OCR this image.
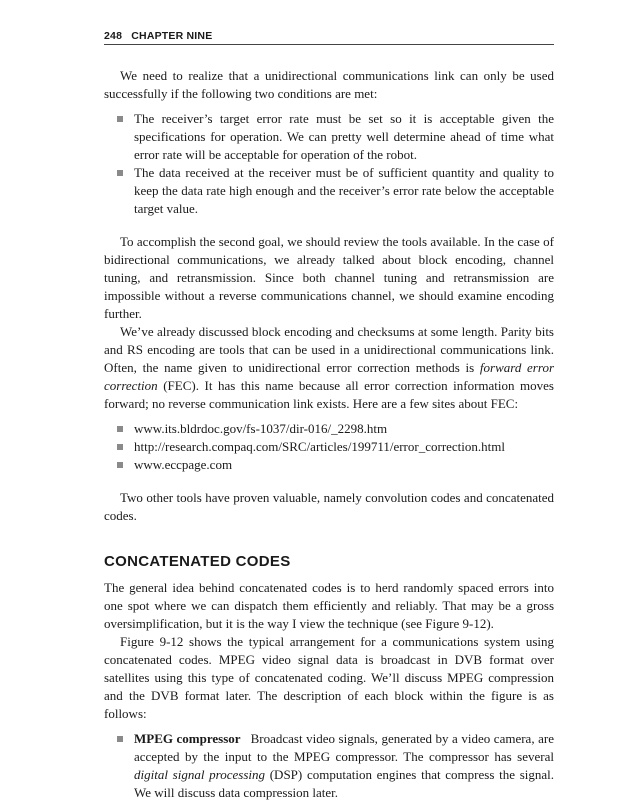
248 CHAPTER NINE

We need to realize that a unidirectional communications link can only be used successfully if the following two conditions are met:

The receiver’s target error rate must be set so it is acceptable given the specifications for operation. We can pretty well determine ahead of time what error rate will be acceptable for operation of the robot.
The data received at the receiver must be of sufficient quantity and quality to keep the data rate high enough and the receiver’s error rate below the acceptable target value.

To accomplish the second goal, we should review the tools available. In the case of bidirectional communications, we already talked about block encoding, channel tuning, and retransmission. Since both channel tuning and retransmission are impossible without a reverse communications channel, we should examine encoding further.

We’ve already discussed block encoding and checksums at some length. Parity bits and RS encoding are tools that can be used in a unidirectional communications link. Often, the name given to unidirectional error correction methods is forward error correction (FEC). It has this name because all error correction information moves forward; no reverse communication link exists. Here are a few sites about FEC:

www.its.bldrdoc.gov/fs-1037/dir-016/_2298.htm
http://research.compaq.com/SRC/articles/199711/error_correction.html
www.eccpage.com

Two other tools have proven valuable, namely convolution codes and concatenated codes.

CONCATENATED CODES

The general idea behind concatenated codes is to herd randomly spaced errors into one spot where we can dispatch them efficiently and reliably. That may be a gross oversimplification, but it is the way I view the technique (see Figure 9-12).

Figure 9-12 shows the typical arrangement for a communications system using concatenated codes. MPEG video signal data is broadcast in DVB format over satellites using this type of concatenated coding. We’ll discuss MPEG compression and the DVB format later. The description of each block within the figure is as follows:

MPEG compressor Broadcast video signals, generated by a video camera, are accepted by the input to the MPEG compressor. The compressor has several digital signal processing (DSP) computation engines that compress the signal. We will discuss data compression later.
